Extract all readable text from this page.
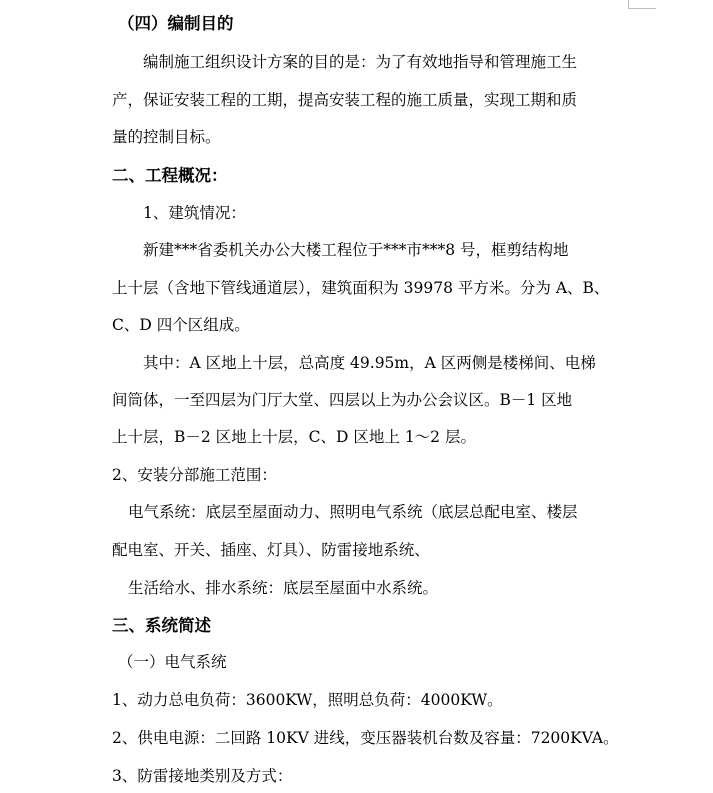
（四）编制目的
编制施工组织设计方案的目的是：为了有效地指导和管理施工生
产，保证安装工程的工期，提高安装工程的施工质量，实现工期和质
量的控制目标。
二、工程概况：
1、建筑情况：
新建***省委机关办公大楼工程位于***市***8 号，框剪结构地
上十层（含地下管线通道层），建筑面积为 39978 平方米。分为 A、B、
C、D 四个区组成。
其中：A 区地上十层，总高度 49.95m，A 区两侧是楼梯间、电梯
间筒体，一至四层为门厅大堂、四层以上为办公会议区。B－1 区地
上十层，B－2 区地上十层，C、D 区地上 1～2 层。
2、安装分部施工范围：
电气系统：底层至屋面动力、照明电气系统（底层总配电室、楼层
配电室、开关、插座、灯具）、防雷接地系统、
生活给水、排水系统：底层至屋面中水系统。
三、系统简述
（一）电气系统
1、动力总电负荷：3600KW，照明总负荷：4000KW。
2、供电电源：二回路 10KV 进线，变压器装机台数及容量：7200KVA。
3、防雷接地类别及方式：
